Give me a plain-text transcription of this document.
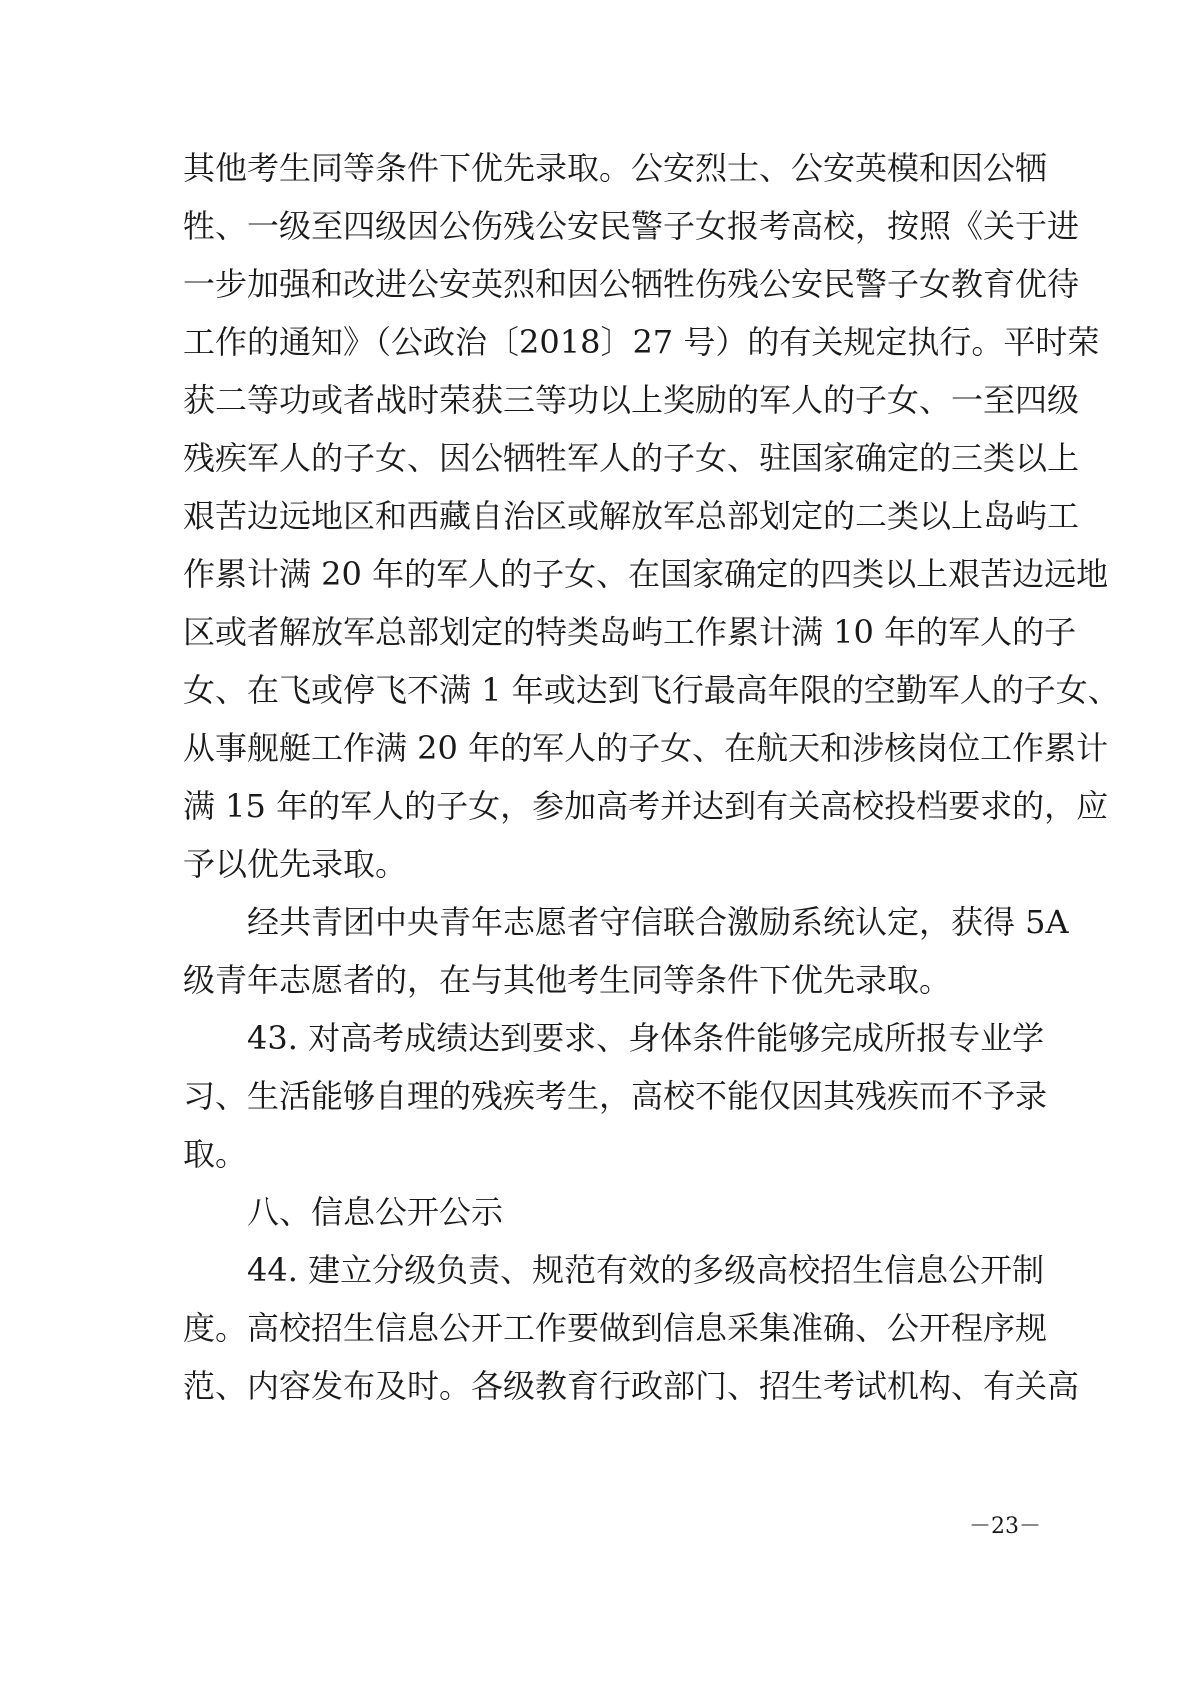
其他考生同等条件下优先录取。公安烈士、公安英模和因公牺
牲、一级至四级因公伤残公安民警子女报考高校，按照《关于进
一步加强和改进公安英烈和因公牺牲伤残公安民警子女教育优待
工作的通知》（公政治〔2018〕27 号）的有关规定执行。平时荣
获二等功或者战时荣获三等功以上奖励的军人的子女、一至四级
残疾军人的子女、因公牺牲军人的子女、驻国家确定的三类以上
艰苦边远地区和西藏自治区或解放军总部划定的二类以上岛屿工
作累计满 20 年的军人的子女、在国家确定的四类以上艰苦边远地
区或者解放军总部划定的特类岛屿工作累计满 10 年的军人的子
女、在飞或停飞不满 1 年或达到飞行最高年限的空勤军人的子女、
从事舰艇工作满 20 年的军人的子女、在航天和涉核岗位工作累计
满 15 年的军人的子女，参加高考并达到有关高校投档要求的，应
予以优先录取。
经共青团中央青年志愿者守信联合激励系统认定，获得 5A
级青年志愿者的，在与其他考生同等条件下优先录取。
43. 对高考成绩达到要求、身体条件能够完成所报专业学
习、生活能够自理的残疾考生，高校不能仅因其残疾而不予录
取。
八、信息公开公示
44. 建立分级负责、规范有效的多级高校招生信息公开制
度。高校招生信息公开工作要做到信息采集准确、公开程序规
范、内容发布及时。各级教育行政部门、招生考试机构、有关高
－23－
